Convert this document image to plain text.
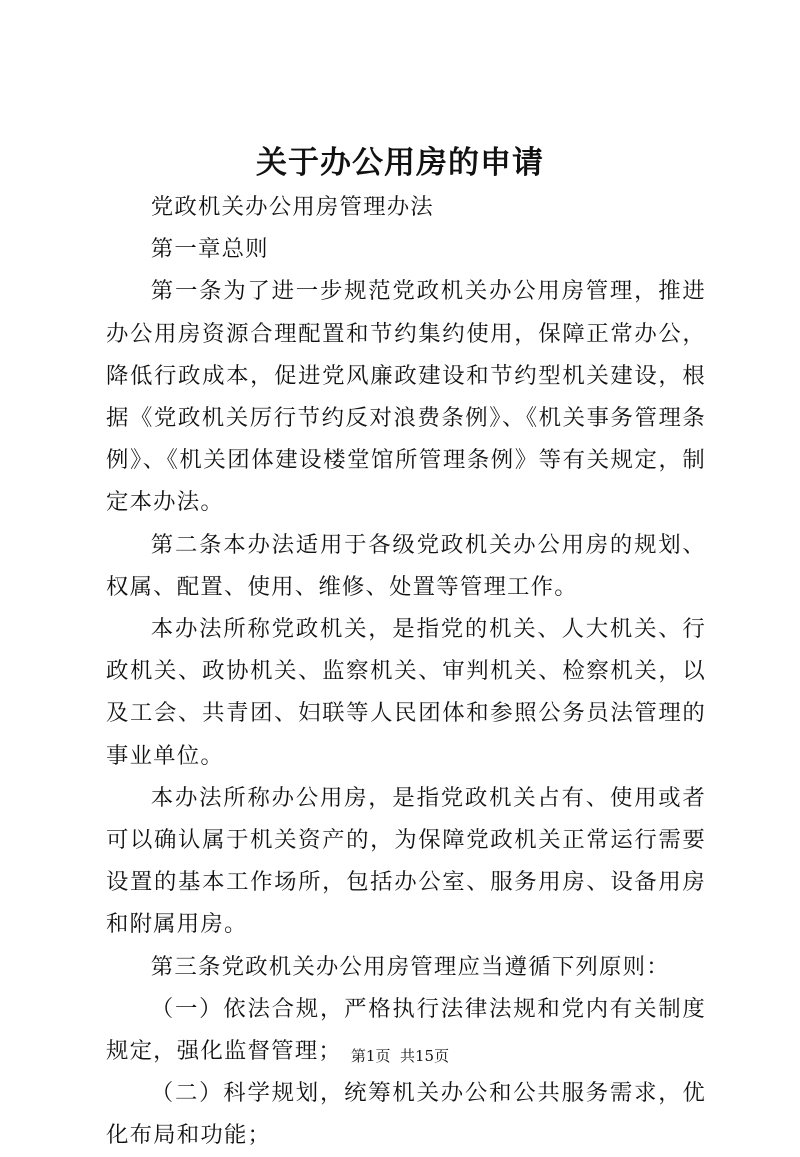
关于办公用房的申请

党政机关办公用房管理办法

第一章总则

第一条为了进一步规范党政机关办公用房管理，推进办公用房资源合理配置和节约集约使用，保障正常办公，降低行政成本，促进党风廉政建设和节约型机关建设，根据《党政机关厉行节约反对浪费条例》、《机关事务管理条例》、《机关团体建设楼堂馆所管理条例》等有关规定，制定本办法。

第二条本办法适用于各级党政机关办公用房的规划、权属、配置、使用、维修、处置等管理工作。

本办法所称党政机关，是指党的机关、人大机关、行政机关、政协机关、监察机关、审判机关、检察机关，以及工会、共青团、妇联等人民团体和参照公务员法管理的事业单位。

本办法所称办公用房，是指党政机关占有、使用或者可以确认属于机关资产的，为保障党政机关正常运行需要设置的基本工作场所，包括办公室、服务用房、设备用房和附属用房。

第三条党政机关办公用房管理应当遵循下列原则：

（一）依法合规，严格执行法律法规和党内有关制度规定，强化监督管理；

（二）科学规划，统筹机关办公和公共服务需求，优化布局和功能；

第1页  共15页
